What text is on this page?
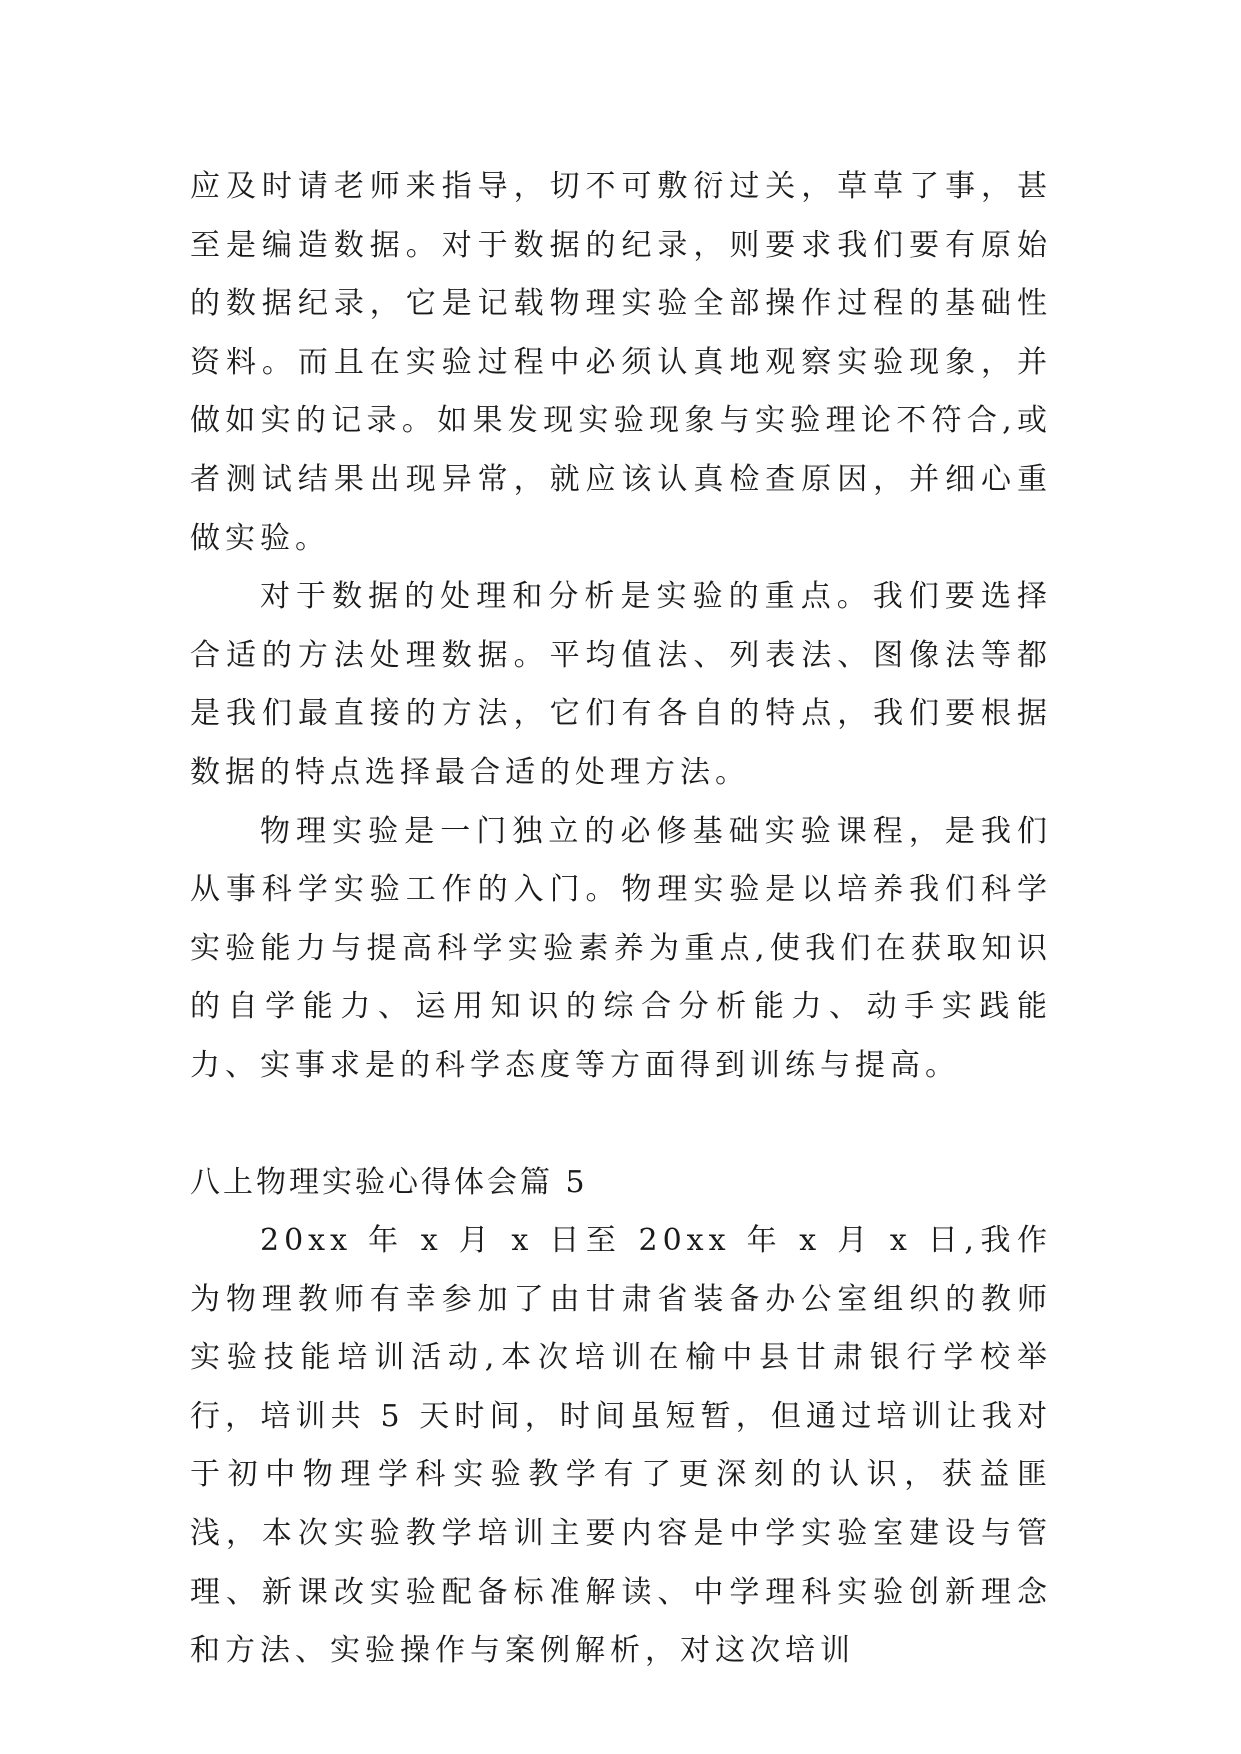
应及时请老师来指导，切不可敷衍过关，草草了事，甚至是编造数据。对于数据的纪录，则要求我们要有原始的数据纪录，它是记载物理实验全部操作过程的基础性资料。而且在实验过程中必须认真地观察实验现象，并做如实的记录。如果发现实验现象与实验理论不符合,或者测试结果出现异常，就应该认真检查原因，并细心重做实验。

对于数据的处理和分析是实验的重点。我们要选择合适的方法处理数据。平均值法、列表法、图像法等都是我们最直接的方法，它们有各自的特点，我们要根据数据的特点选择最合适的处理方法。

物理实验是一门独立的必修基础实验课程，是我们从事科学实验工作的入门。物理实验是以培养我们科学实验能力与提高科学实验素养为重点,使我们在获取知识的自学能力、运用知识的综合分析能力、动手实践能力、实事求是的科学态度等方面得到训练与提高。

八上物理实验心得体会篇 5

20xx 年 x 月 x 日至 20xx 年 x 月 x 日,我作为物理教师有幸参加了由甘肃省装备办公室组织的教师实验技能培训活动,本次培训在榆中县甘肃银行学校举行，培训共 5 天时间，时间虽短暂，但通过培训让我对于初中物理学科实验教学有了更深刻的认识，获益匪浅，本次实验教学培训主要内容是中学实验室建设与管理、新课改实验配备标准解读、中学理科实验创新理念和方法、实验操作与案例解析，对这次培训
